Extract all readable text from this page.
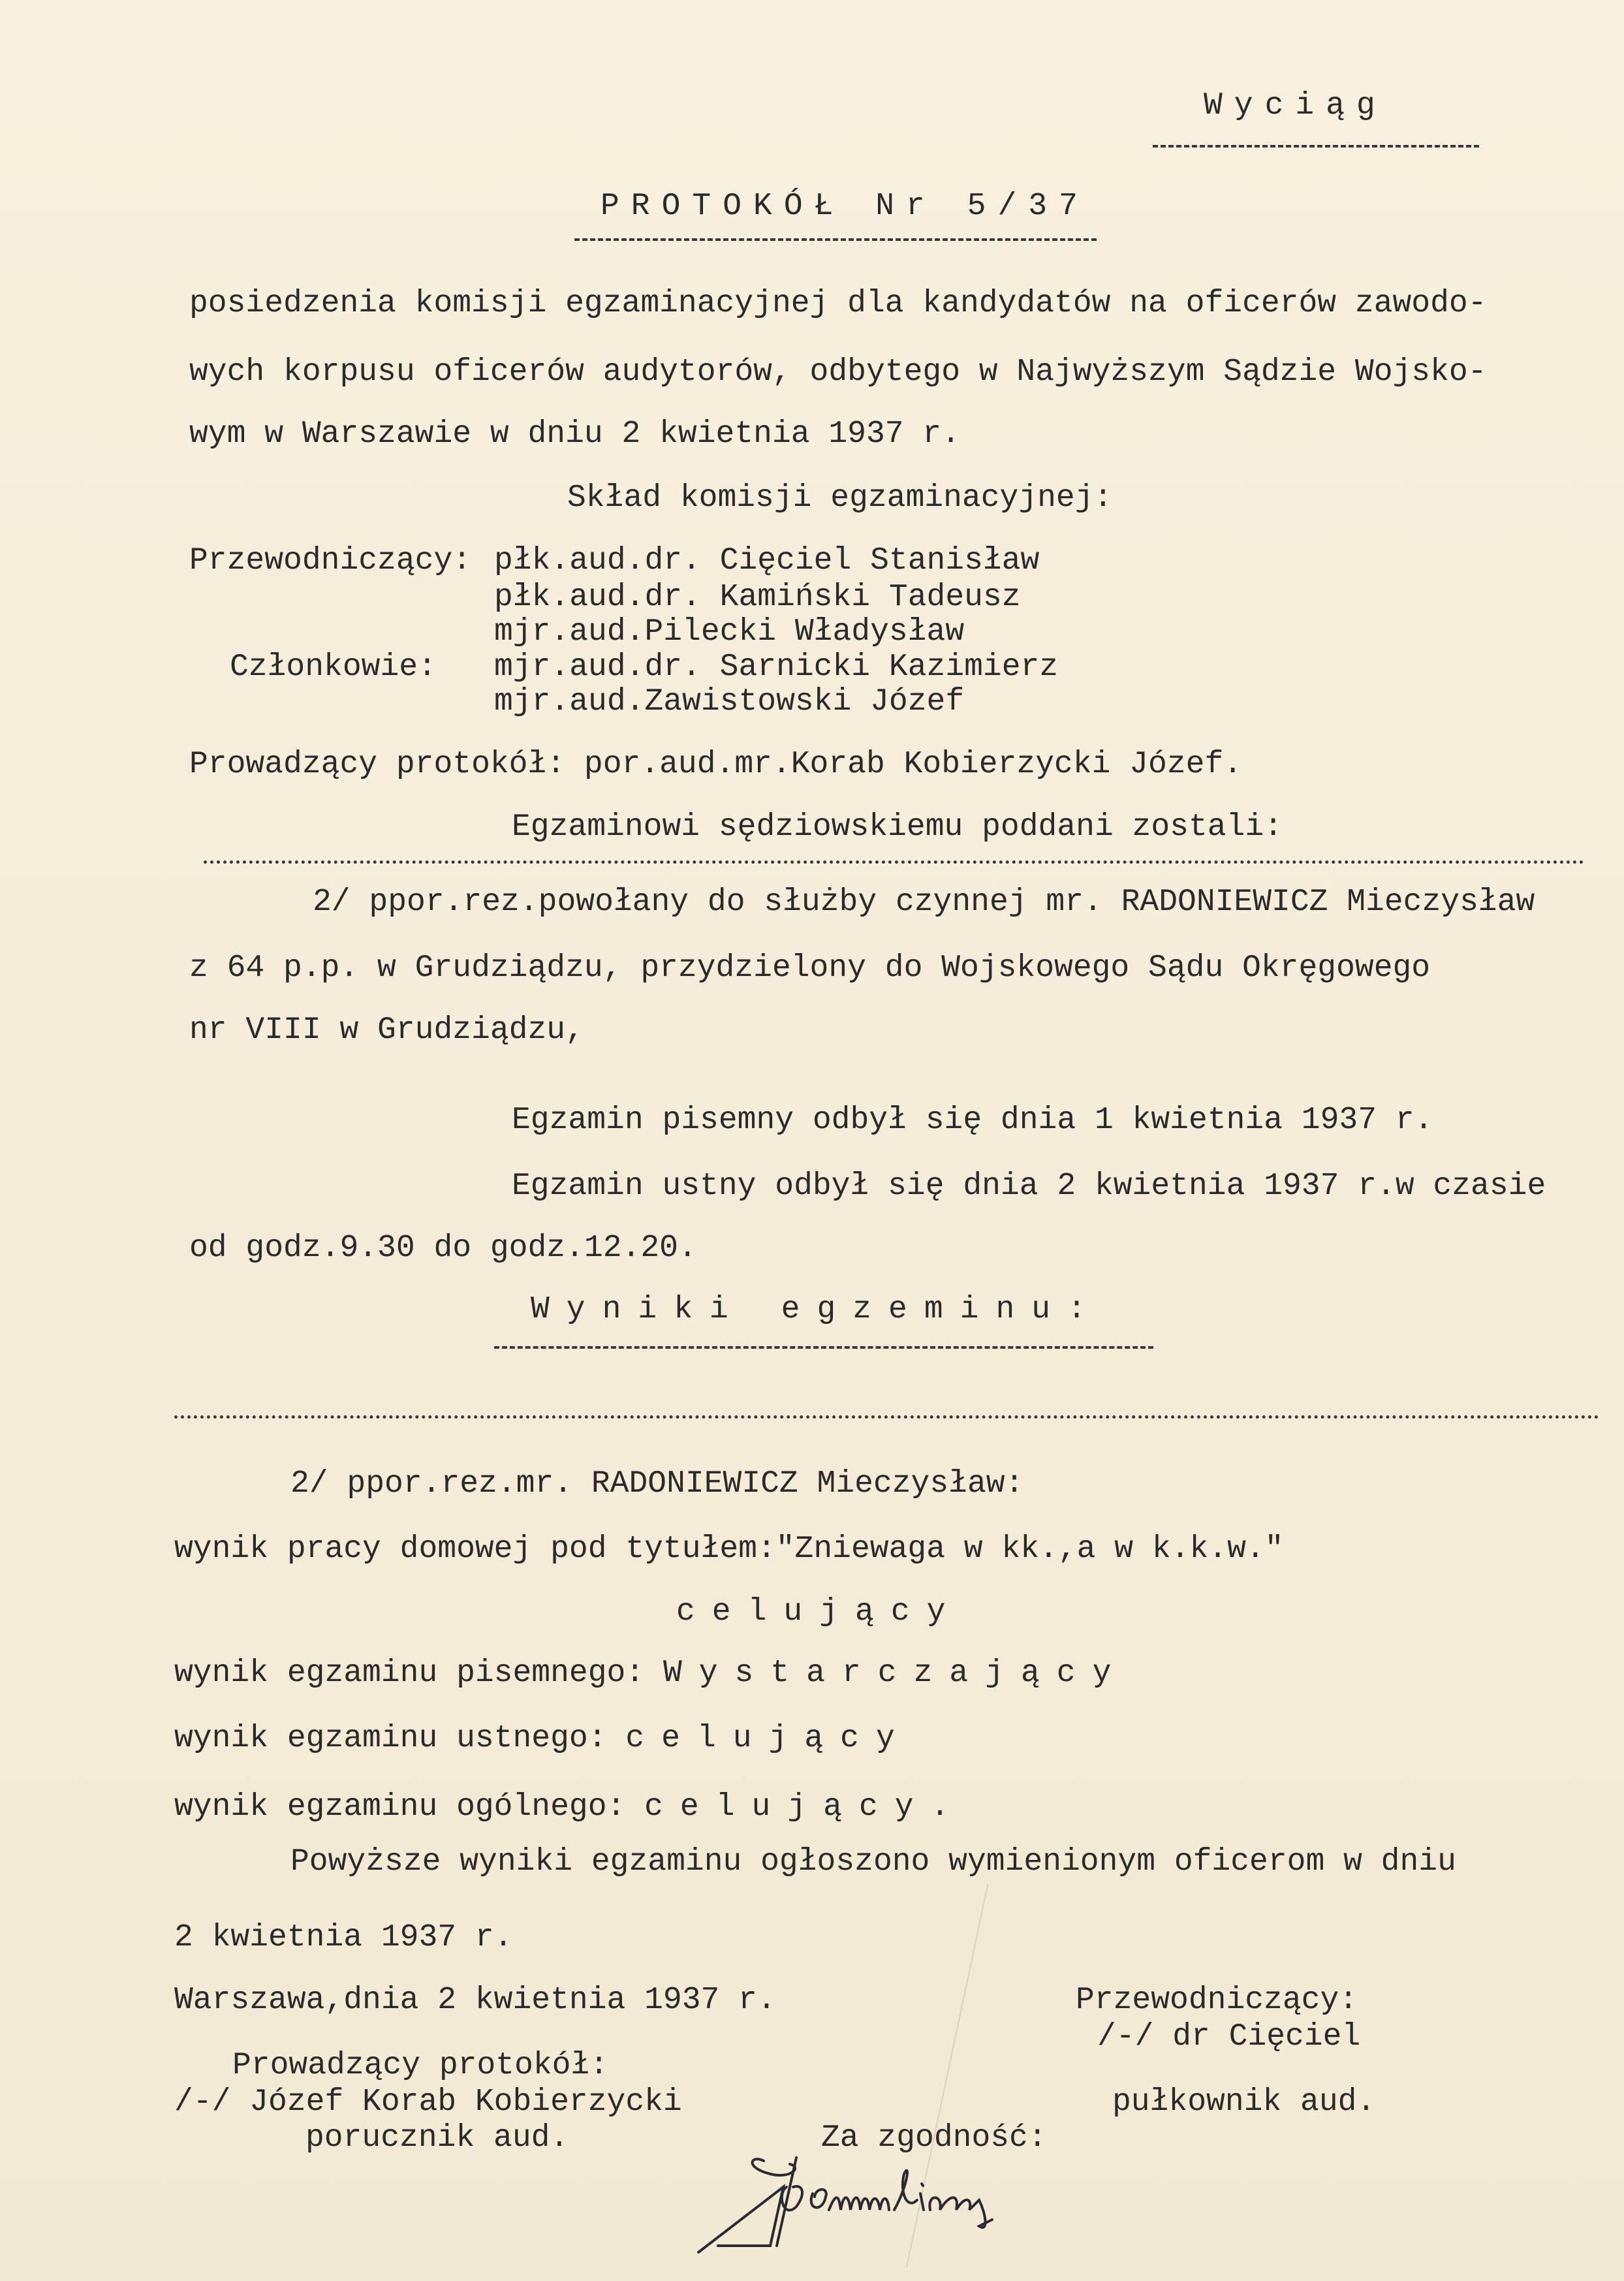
Wyciąg
PROTOKÓŁ Nr 5/37
posiedzenia komisji egzaminacyjnej dla kandydatów na oficerów zawodo-
wych korpusu oficerów audytorów, odbytego w Najwyższym Sądzie Wojsko-
wym w Warszawie w dniu 2 kwietnia 1937 r.
Skład komisji egzaminacyjnej:
Przewodniczący: płk.aud.dr. Cięciel Stanisław
płk.aud.dr. Kamiński Tadeusz
mjr.aud.Pilecki Władysław
Członkowie: mjr.aud.dr. Sarnicki Kazimierz
mjr.aud.Zawistowski Józef
Prowadzący protokół: por.aud.mr.Korab Kobierzycki Józef.
Egzaminowi sędziowskiemu poddani zostali:
2/ ppor.rez.powołany do służby czynnej mr. RADONIEWICZ Mieczysław
z 64 p.p. w Grudziądzu, przydzielony do Wojskowego Sądu Okręgowego
nr VIII w Grudziądzu,
Egzamin pisemny odbył się dnia 1 kwietnia 1937 r.
Egzamin ustny odbył się dnia 2 kwietnia 1937 r.w czasie
od godz.9.30 do godz.12.20.
Wyniki egzeminu:
2/ ppor.rez.mr. RADONIEWICZ Mieczysław:
wynik pracy domowej pod tytułem:"Zniewaga w kk.,a w k.k.w."
celujący
wynik egzaminu pisemnego: Wystarczający
wynik egzaminu ustnego: celujący
wynik egzaminu ogólnego: celujący.
Powyższe wyniki egzaminu ogłoszono wymienionym oficerom w dniu
2 kwietnia 1937 r.
Warszawa,dnia 2 kwietnia 1937 r.	Przewodniczący:
/-/ dr Cięciel
Prowadzący protokół:
/-/ Józef Korab Kobierzycki	pułkownik aud.
porucznik aud.	Za zgodność:
